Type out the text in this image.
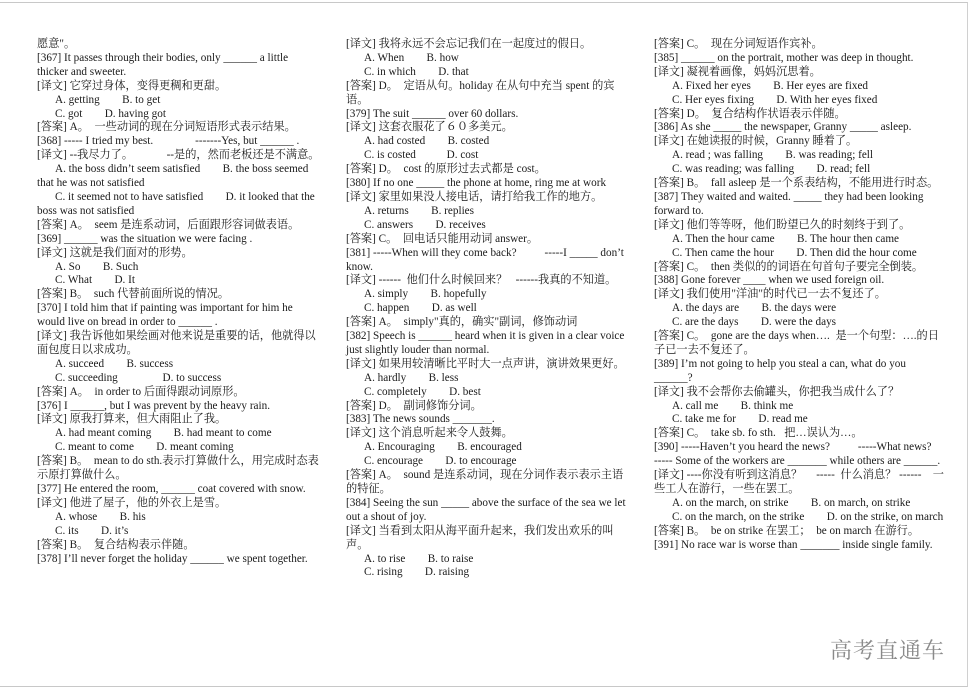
愿意"。
[367] It passes through their bodies, only ______ a little thicker and sweeter.
[译文] 它穿过身体，变得更稠和更甜。
A. getting        B. to get
C. got        D. having got
[答案] A。  一些动词的现在分词短语形式表示结果。
[368] ----- I tried my best.               -------Yes, but ______ .
[译文] --我尽力了。            --是的，然而老板还是不满意。
A. the boss didn’t seem satisfied        B. the boss seemed that he was not satisfied
C. it seemed not to have satisfied        D. it looked that the boss was not satisfied
[答案] A。  seem 是连系动词，后面跟形容词做表语。
[369] ______ was the situation we were facing .
[译文] 这就是我们面对的形势。
A. So        B. Such
C. What        D. It
[答案] B。  such 代替前面所说的情况。
[370] I told him that if painting was important for him he would live on bread in order to ______ .
[译文] 我告诉他如果绘画对他来说是重要的话，他就得以面包度日以求成功。
A. succeed        B. success
C. succeeding                D. to success
[答案] A。  in order to 后面得跟动词原形。
[376] I ______, but I was prevent by the heavy rain.
[译文] 原我打算来，但大雨阻止了我。
A. had meant coming        B. had meant to come
C. meant to come        D. meant coming
[答案] B。  mean to do sth.表示打算做什么，用完成时态表示原打算做什么。
[377] He entered the room, ______ coat covered with snow.
[译文] 他进了屋子，他的外衣上是雪。
A. whose        B. his
C. its        D. it’s
[答案] B。  复合结构表示伴随。
[378] I’ll never forget the holiday ______ we spent together.
[译文] 我将永远不会忘记我们在一起度过的假日。
A. When        B. how
C. in which        D. that
[答案] D。  定语从句。holiday 在从句中充当 spent 的宾语。
[379] The suit ______ over 60 dollars.
[译文] 这套衣服花了６０多美元。
A. had costed        B. costed
C. is costed           D. cost
[答案] D。  cost 的原形过去式都是 cost。
[380] If no one _____ the phone at home, ring me at work
[译文] 家里如果没人接电话，请打给我工作的地方。
A. returns        B. replies
C. answers        D. receives
[答案] C。  回电话只能用动词 answer。
[381] -----When will they come back?          -----I _____ don’t know.
[译文] ------  他们什么时候回来？   ------我真的不知道。
A. simply        B. hopefully
C. happen        D. as well
[答案] A。  simply"真的，确实"副词，修饰动词
[382] Speech is ______ heard when it is given in a clear voice just slightly louder than normal.
[译文] 如果用较清晰比平时大一点声讲，演讲效果更好。
A. hardly        B. less
C. completely        D. best
[答案] D。  副词修饰分词。
[383] The news sounds _______.
[译文] 这个消息听起来令人鼓舞。
A. Encouraging        B. encouraged
C. encourage        D. to encourage
[答案] A。  sound 是连系动词，现在分词作表示表示主语的特征。
[384] Seeing the sun _____ above the surface of the sea we let out a shout of joy.
[译文] 当看到太阳从海平面升起来，我们发出欢乐的叫声。
A. to rise        B. to raise
C. rising        D. raising
[答案] C。  现在分词短语作宾补。
[385] ______ on the portrait, mother was deep in thought.
[译文] 凝视着画像，妈妈沉思着。
A. Fixed her eyes        B. Her eyes are fixed
C. Her eyes fixing        D. With her eyes fixed
[答案] D。  复合结构作状语表示伴随。
[386] As she _____ the newspaper, Granny _____ asleep.
[译文] 在她读报的时候，Granny 睡着了。
A. read ; was falling        B. was reading; fell
C. was reading; was falling        D. read; fell
[答案] B。  fall asleep 是一个系表结构，不能用进行时态。
[387] They waited and waited. _____ they had been looking forward to.
[译文] 他们等等呀，他们盼望已久的时刻终于到了。
A. Then the hour came        B. The hour then came
C. Then came the hour        D. Then did the hour come
[答案] C。  then 类似的的词语在句首句子要完全倒装。
[388] Gone forever ____ when we used foreign oil.
[译文] 我们使用"洋油"的时代已一去不复还了。
A. the days are        B. the days were
C. are the days        D. were the days
[答案] C。  gone are the days when….  是一个句型：….的日子已一去不复还了。
[389] I’m not going to help you steal a can, what do you ______?
[译文] 我不会帮你去偷罐头，你把我当成什么了？
A. call me        B. think me
C. take me for        D. read me
[答案] C。  take sb. fo sth.   把…误认为…。
[390] -----Haven’t you heard the news?          -----What news?          ----- Some of the workers are _______ while others are ______.
[译文] ----你没有听到这消息？     -----  什么消息？ ------    一些工人在游行，一些在罢工。
A. on the march, on strike        B. on march, on strike
C. on the march, on the strike        D. on the strike, on march
[答案] B。  be on strike 在罢工；  be on march 在游行。
[391] No race war is worse than _______ inside single family.
高考直通车
